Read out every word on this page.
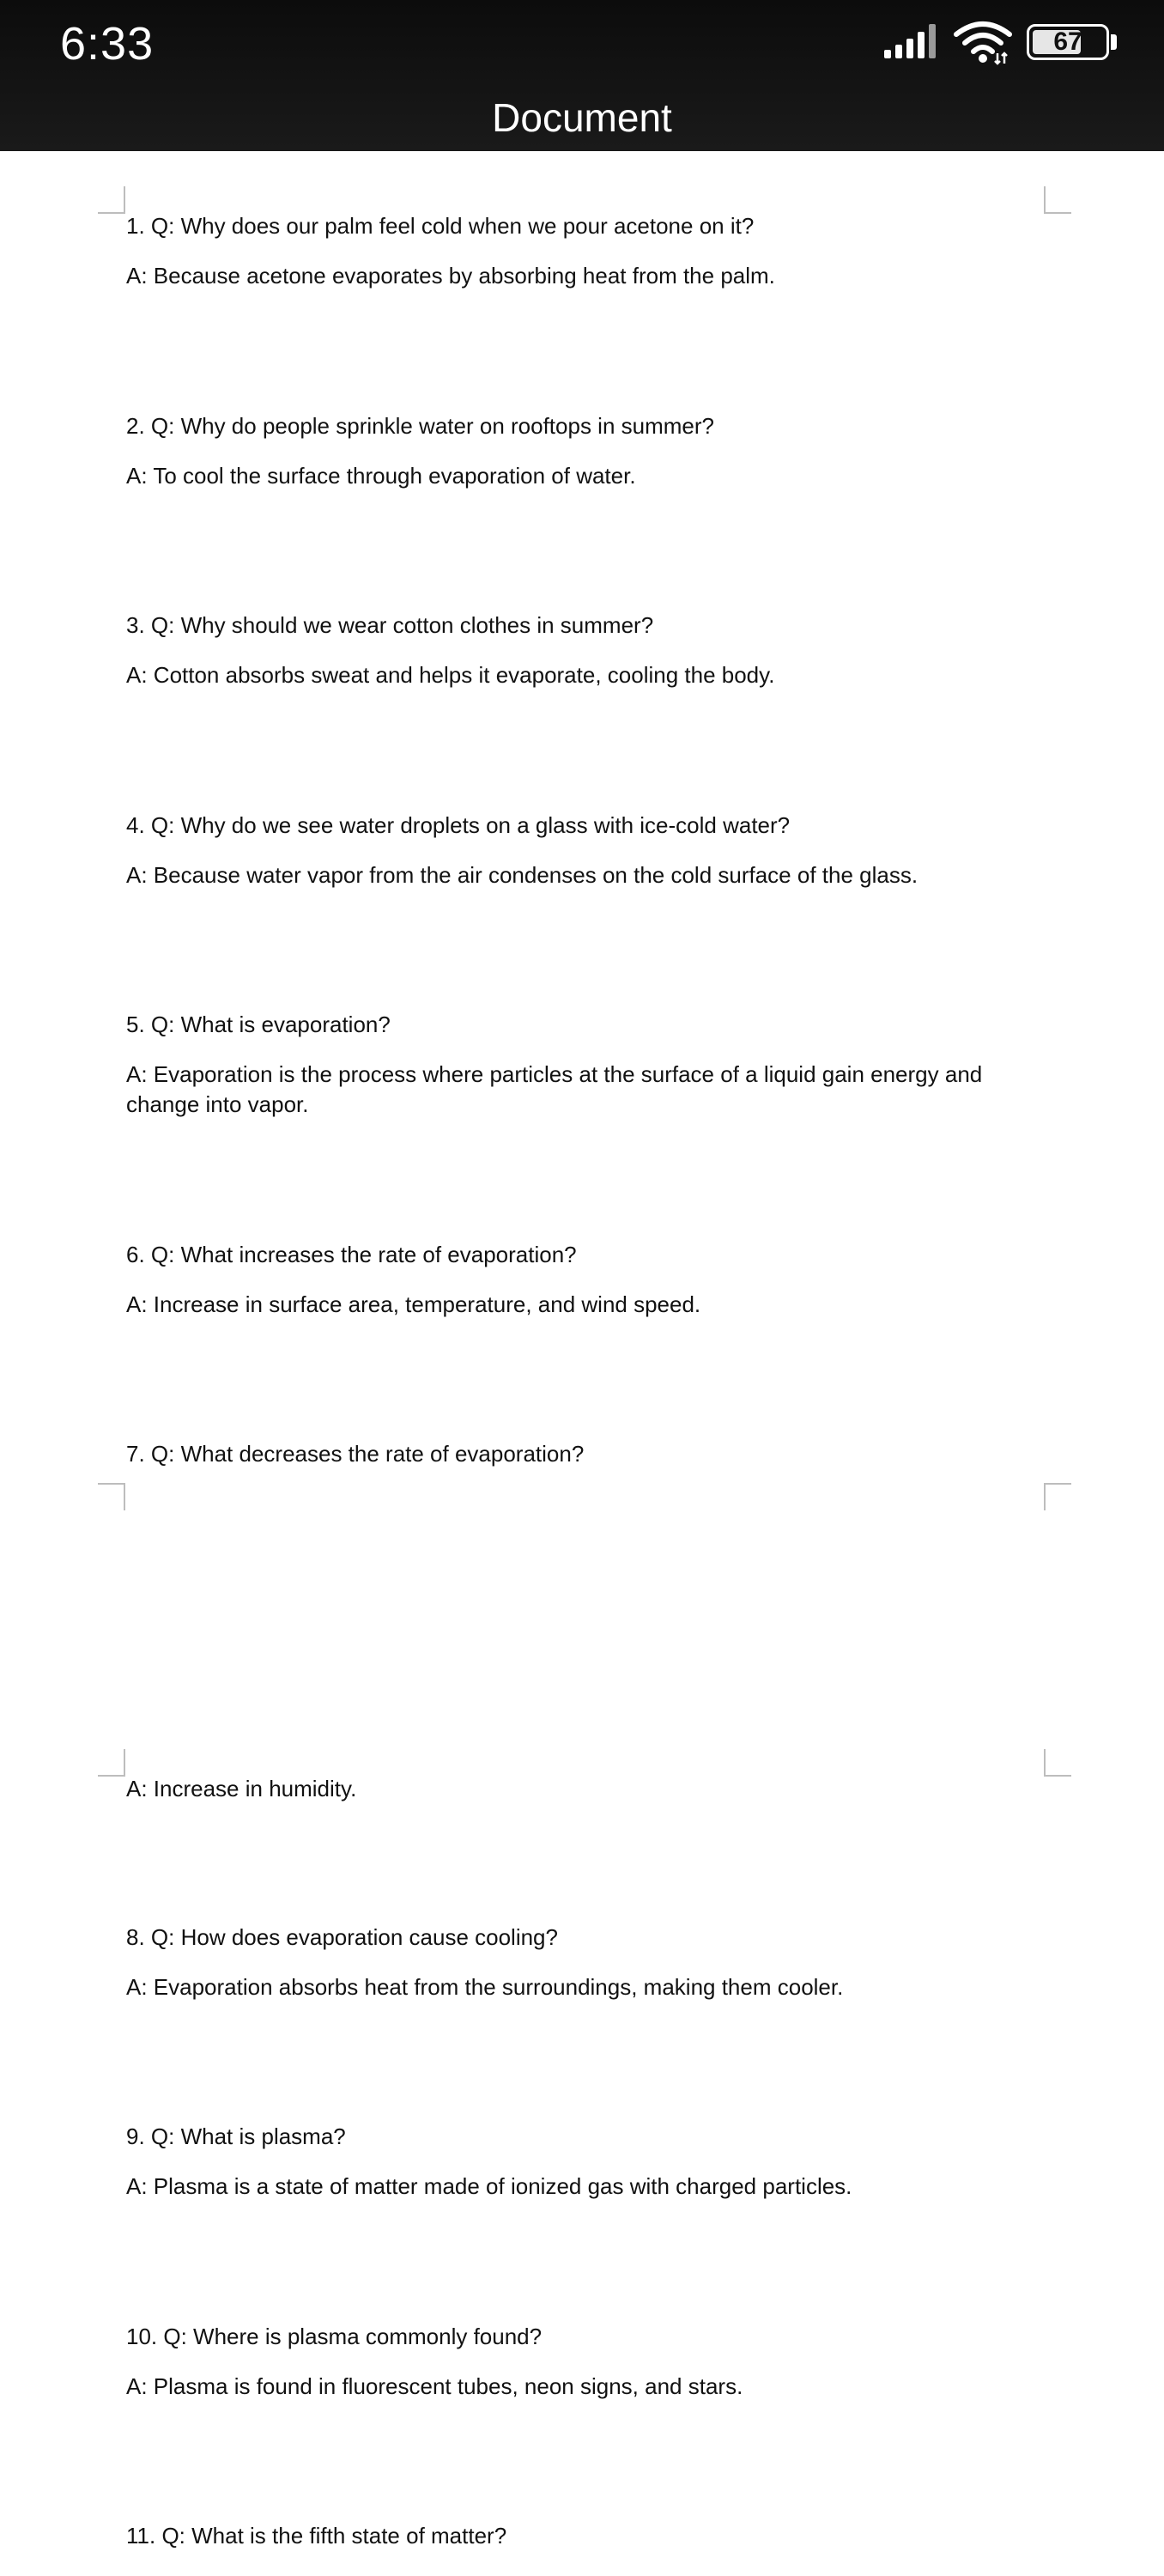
6:33	67
Document
1. Q: Why does our palm feel cold when we pour acetone on it?
A: Because acetone evaporates by absorbing heat from the palm.
2. Q: Why do people sprinkle water on rooftops in summer?
A: To cool the surface through evaporation of water.
3. Q: Why should we wear cotton clothes in summer?
A: Cotton absorbs sweat and helps it evaporate, cooling the body.
4. Q: Why do we see water droplets on a glass with ice-cold water?
A: Because water vapor from the air condenses on the cold surface of the glass.
5. Q: What is evaporation?
A: Evaporation is the process where particles at the surface of a liquid gain energy and change into vapor.
6. Q: What increases the rate of evaporation?
A: Increase in surface area, temperature, and wind speed.
7. Q: What decreases the rate of evaporation?
A: Increase in humidity.
8. Q: How does evaporation cause cooling?
A: Evaporation absorbs heat from the surroundings, making them cooler.
9. Q: What is plasma?
A: Plasma is a state of matter made of ionized gas with charged particles.
10. Q: Where is plasma commonly found?
A: Plasma is found in fluorescent tubes, neon signs, and stars.
11. Q: What is the fifth state of matter?
